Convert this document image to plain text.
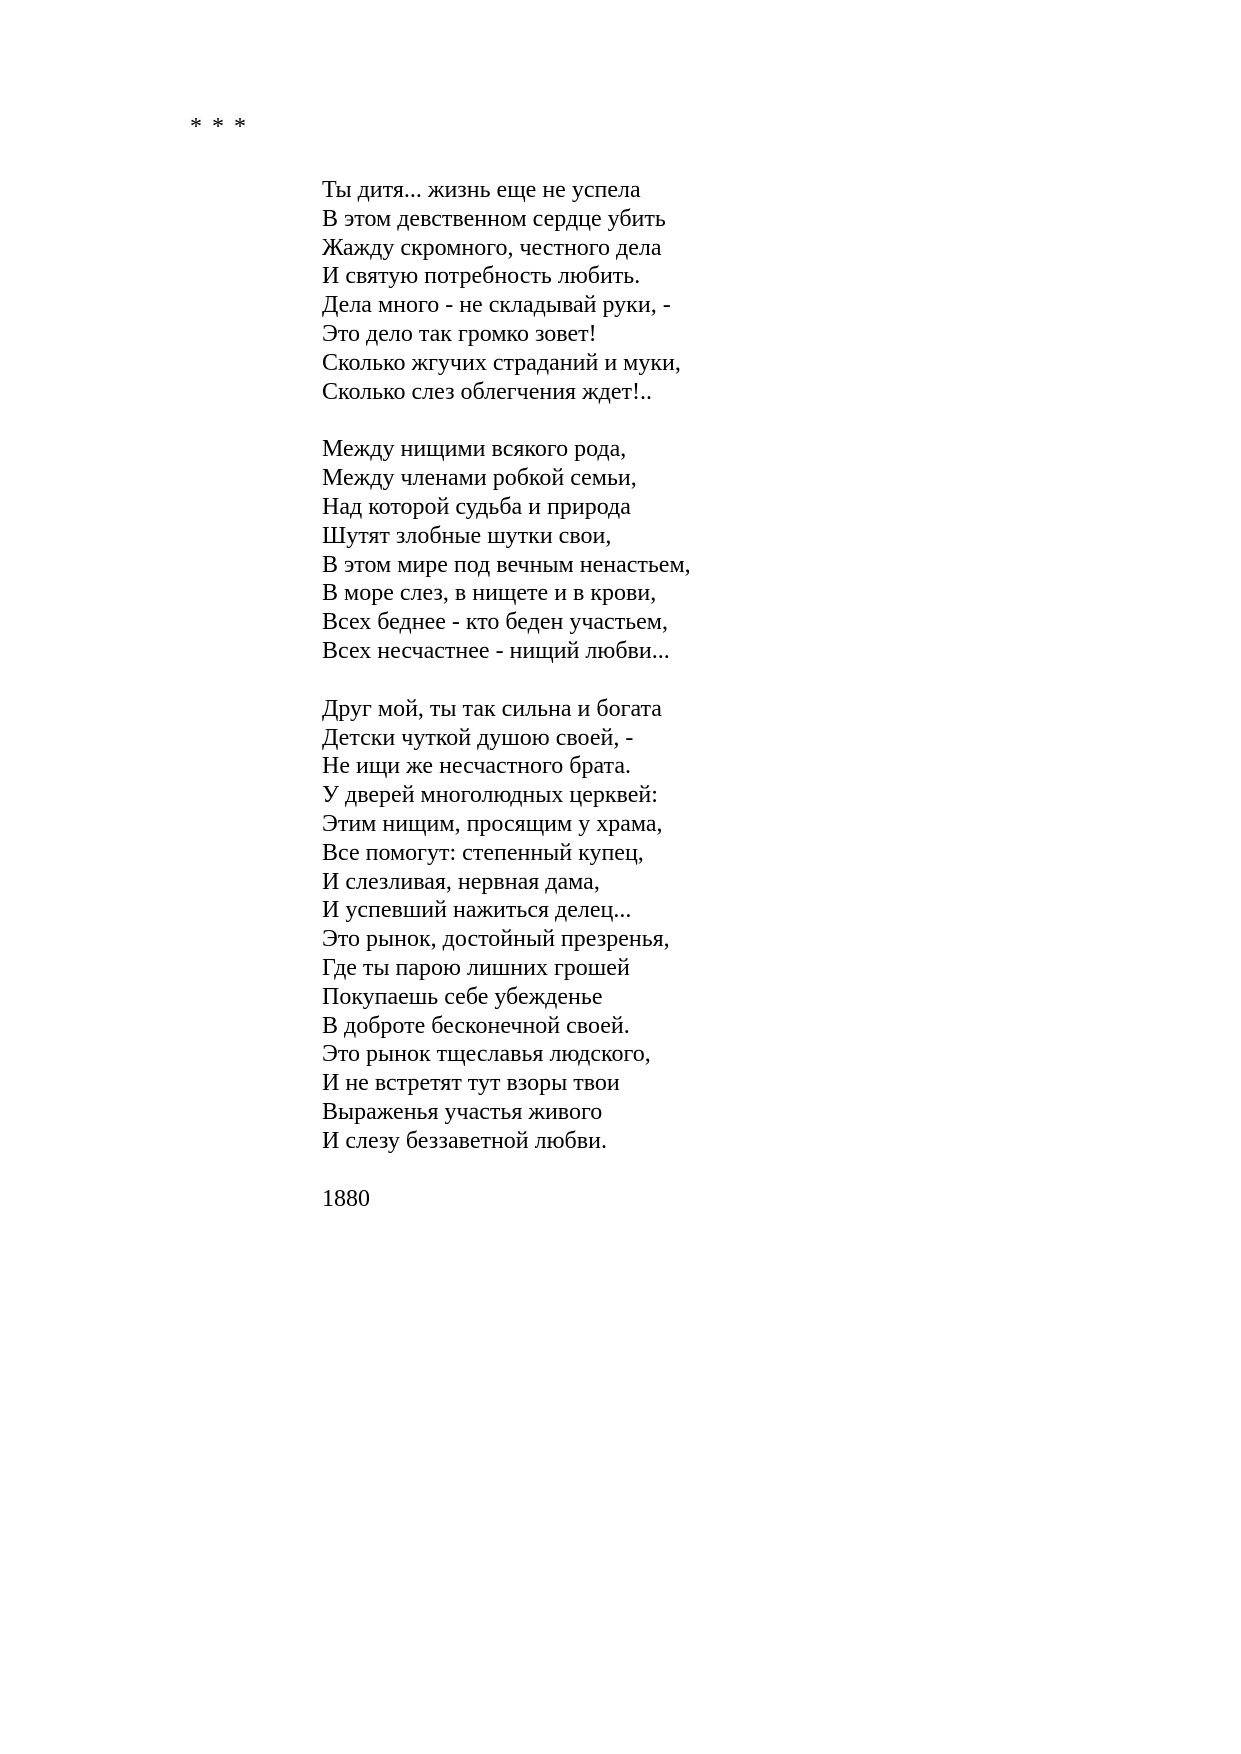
* * *
Ты дитя... жизнь еще не успела
В этом девственном сердце убить
Жажду скромного, честного дела
И святую потребность любить.
Дела много - не складывай руки, -
Это дело так громко зовет!
Сколько жгучих страданий и муки,
Сколько слез облегчения ждет!..
Между нищими всякого рода,
Между членами робкой семьи,
Над которой судьба и природа
Шутят злобные шутки свои,
В этом мире под вечным ненастьем,
В море слез, в нищете и в крови,
Всех беднее - кто беден участьем,
Всех несчастнее - нищий любви...
Друг мой, ты так сильна и богата
Детски чуткой душою своей, -
Не ищи же несчастного брата.
У дверей многолюдных церквей:
Этим нищим, просящим у храма,
Все помогут: степенный купец,
И слезливая, нервная дама,
И успевший нажиться делец...
Это рынок, достойный презренья,
Где ты парою лишних грошей
Покупаешь себе убежденье
В доброте бесконечной своей.
Это рынок тщеславья людского,
И не встретят тут взоры твои
Выраженья участья живого
И слезу беззаветной любви.
1880
